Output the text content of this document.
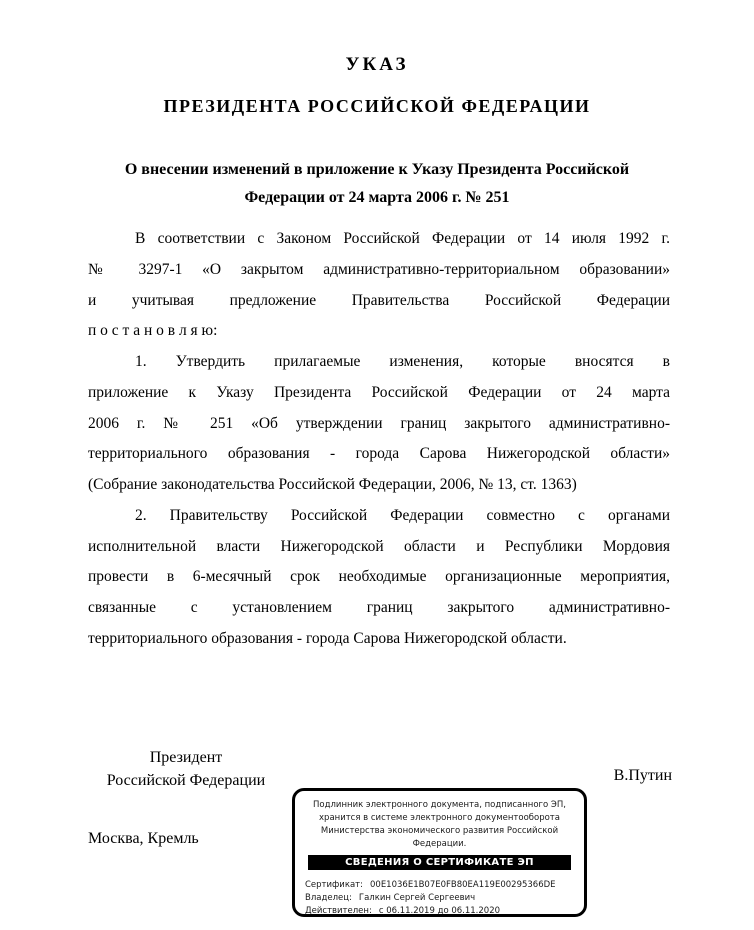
УКАЗ
ПРЕЗИДЕНТА РОССИЙСКОЙ ФЕДЕРАЦИИ
О внесении изменений в приложение к Указу Президента Российской
Федерации от 24 марта 2006 г. № 251
В соответствии с Законом Российской Федерации от 14 июля 1992 г.
№ 3297-1 «О закрытом административно-территориальном образовании»
и учитывая предложение Правительства Российской Федерации
п о с т а н о в л я ю:
1. Утвердить прилагаемые изменения, которые вносятся в
приложение к Указу Президента Российской Федерации от 24 марта
2006 г. № 251 «Об утверждении границ закрытого административно-
территориального образования - города Сарова Нижегородской области»
(Собрание законодательства Российской Федерации, 2006, № 13, ст. 1363)
2. Правительству Российской Федерации совместно с органами
исполнительной власти Нижегородской области и Республики Мордовия
провести в 6-месячный срок необходимые организационные мероприятия,
связанные с установлением границ закрытого административно-
территориального образования - города Сарова Нижегородской области.
Президент
Российской Федерации	В.Путин
Москва, Кремль
Подлинник электронного документа, подписанного ЭП,
хранится в системе электронного документооборота
Министерства экономического развития Российской Федерации.
СВЕДЕНИЯ О СЕРТИФИКАТЕ ЭП
Сертификат: 00E1036E1B07E0FB80EA119E00295366DE
Владелец: Галкин Сергей Сергеевич
Действителен: с 06.11.2019 до 06.11.2020
